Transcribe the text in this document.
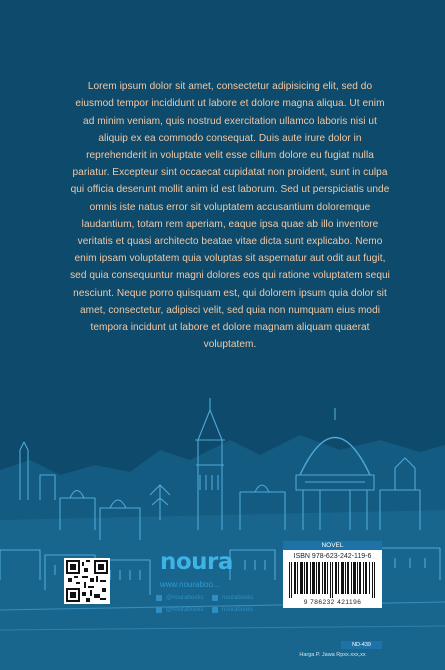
Lorem ipsum dolor sit amet, consectetur adipisicing elit, sed do eiusmod tempor incididunt ut labore et dolore magna aliqua. Ut enim ad minim veniam, quis nostrud exercitation ullamco laboris nisi ut aliquip ex ea commodo consequat. Duis aute irure dolor in reprehenderit in voluptate velit esse cillum dolore eu fugiat nulla pariatur. Excepteur sint occaecat cupidatat non proident, sunt in culpa qui officia deserunt mollit anim id est laborum. Sed ut perspiciatis unde omnis iste natus error sit voluptatem accusantium doloremque laudantium, totam rem aperiam, eaque ipsa quae ab illo inventore veritatis et quasi architecto beatae vitae dicta sunt explicabo. Nemo enim ipsam voluptatem quia voluptas sit aspernatur aut odit aut fugit, sed quia consequuntur magni dolores eos qui ratione voluptatem sequi nesciunt. Neque porro quisquam est, qui dolorem ipsum quia dolor sit amet, consectetur, adipisci velit, sed quia non numquam eius modi tempora incidunt ut labore et dolore magnam aliquam quaerat voluptatem.

noura
www.nouraboo...
@nourabooks
@nourabooks
nourabooks
nourabooks
NOVEL
ISBN 978-623-242-119-6
9 786232 421196
ND-439
Harga P. Jawa Rpxx.xxx,xx
